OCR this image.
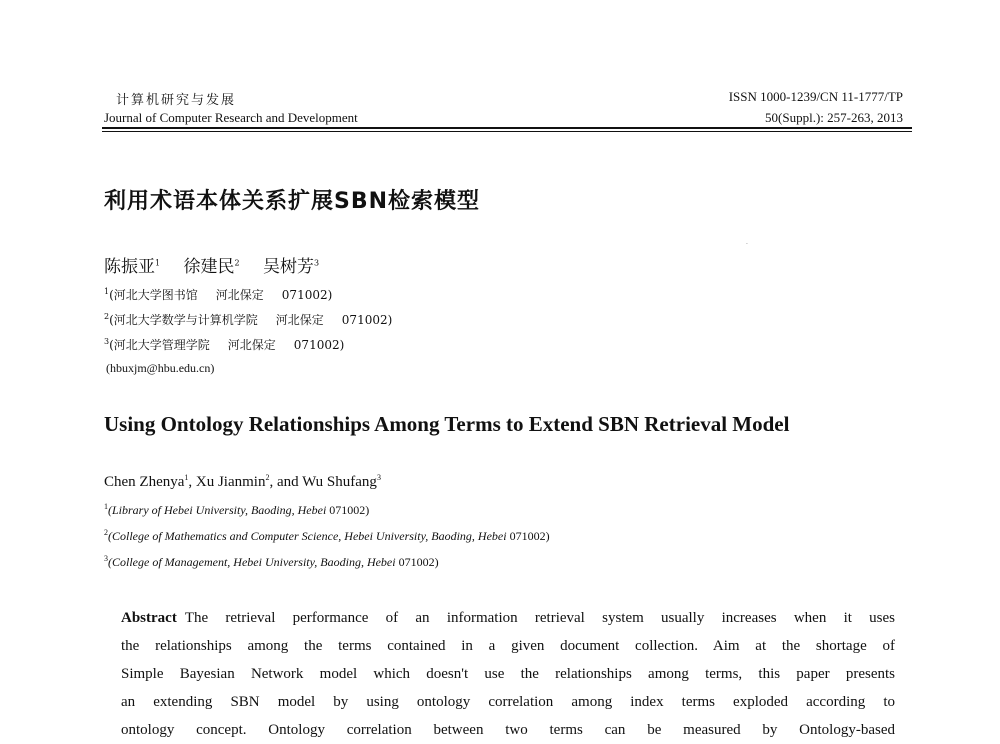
计算机研究与发展
Journal of Computer Research and Development
ISSN 1000-1239/CN 11-1777/TP
50(Suppl.): 257-263, 2013
利用术语本体关系扩展SBN检索模型
·
陈振亚$^1$ 徐建民$^2$ 吴树芳$^3$
$^1$(河北大学图书馆 河北保定 071002)
$^2$(河北大学数学与计算机学院 河北保定 071002)
$^3$(河北大学管理学院 河北保定 071002)
(hbuxjm@hbu.edu.cn)
Using Ontology Relationships Among Terms to Extend SBN Retrieval Model
Chen Zhenya$^1$, Xu Jianmin$^2$, and Wu Shufang$^3$
$^1$(Library of Hebei University, Baoding, Hebei 071002)
$^2$(College of Mathematics and Computer Science, Hebei University, Baoding, Hebei 071002)
$^3$(College of Management, Hebei University, Baoding, Hebei 071002)
Abstract The retrieval performance of an information retrieval system usually increases when it uses
the relationships among the terms contained in a given document collection. Aim at the shortage of
Simple Bayesian Network model which doesn't use the relationships among terms, this paper presents
an extending SBN model by using ontology correlation among index terms exploded according to
ontology concept. Ontology correlation between two terms can be measured by Ontology-based
